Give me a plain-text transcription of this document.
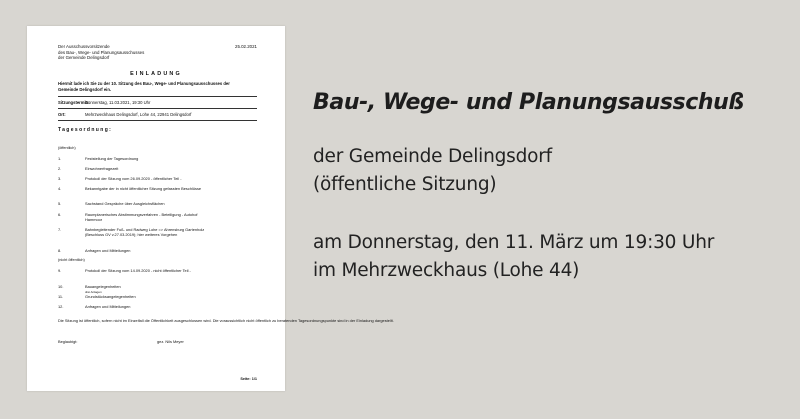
Der Ausschussvorsitzende
des Bau-, Wege- und Planungsausschusses
der Gemeinde Delingsdorf
25.02.2021
EINLADUNG
Hiermit lade ich Sie zu der 10. Sitzung des Bau-, Wege- und Planungsausschusses der
Gemeinde Delingsdorf ein.
Sitzungstermin:Donnerstag, 11.03.2021, 19:30 Uhr
Ort:	Mehrzweckhaus Delingsdorf, Lohe 44, 22941 Delingsdorf
Tagesordnung:
(öffentlich)
1.	Feststellung der Tagesordnung
2.	Einwohnerfragezeit
3.	Protokoll der Sitzung vom 26.09.2020 - öffentlicher Teil -
4.	Bekanntgabe der in nicht öffentlicher Sitzung gefassten Beschlüsse
5.	Sachstand Gespräche über Ausgleichsflächen
6.	Raumplanerisches Abstimmungsverfahren - Beteiligung - Autohof Hammoor
7.	Bahnbegleitender Fuß- und Radweg Lohe => Ahrensburg Gartenholz (Beschluss GV v.27.03.2019); hier weiteres Vorgehen
8.	Anfragen und Mitteilungen
(nicht öffentlich)
9.	Protokoll der Sitzung vom 14.09.2020 - nicht öffentlicher Teil -
10.	Bauangelegenheiten
drei Anlagen
11.	Grundstücksangelegenheiten
12.	Anfragen und Mitteilungen
Die Sitzung ist öffentlich, sofern nicht im Einzelfall die Öffentlichkeit ausgeschlossen wird. Die voraussichtlich nicht öffentlich zu beratenden Tagesordnungspunkte sind in der Einladung dargestellt.
Beglaubigt:	gez. Nils Meyer
Seite: 1/1
Bau-, Wege- und Planungsausschuß
der Gemeinde Delingsdorf
(öffentliche Sitzung)
am Donnerstag, den 11. März um 19:30 Uhr
im Mehrzweckhaus (Lohe 44)
